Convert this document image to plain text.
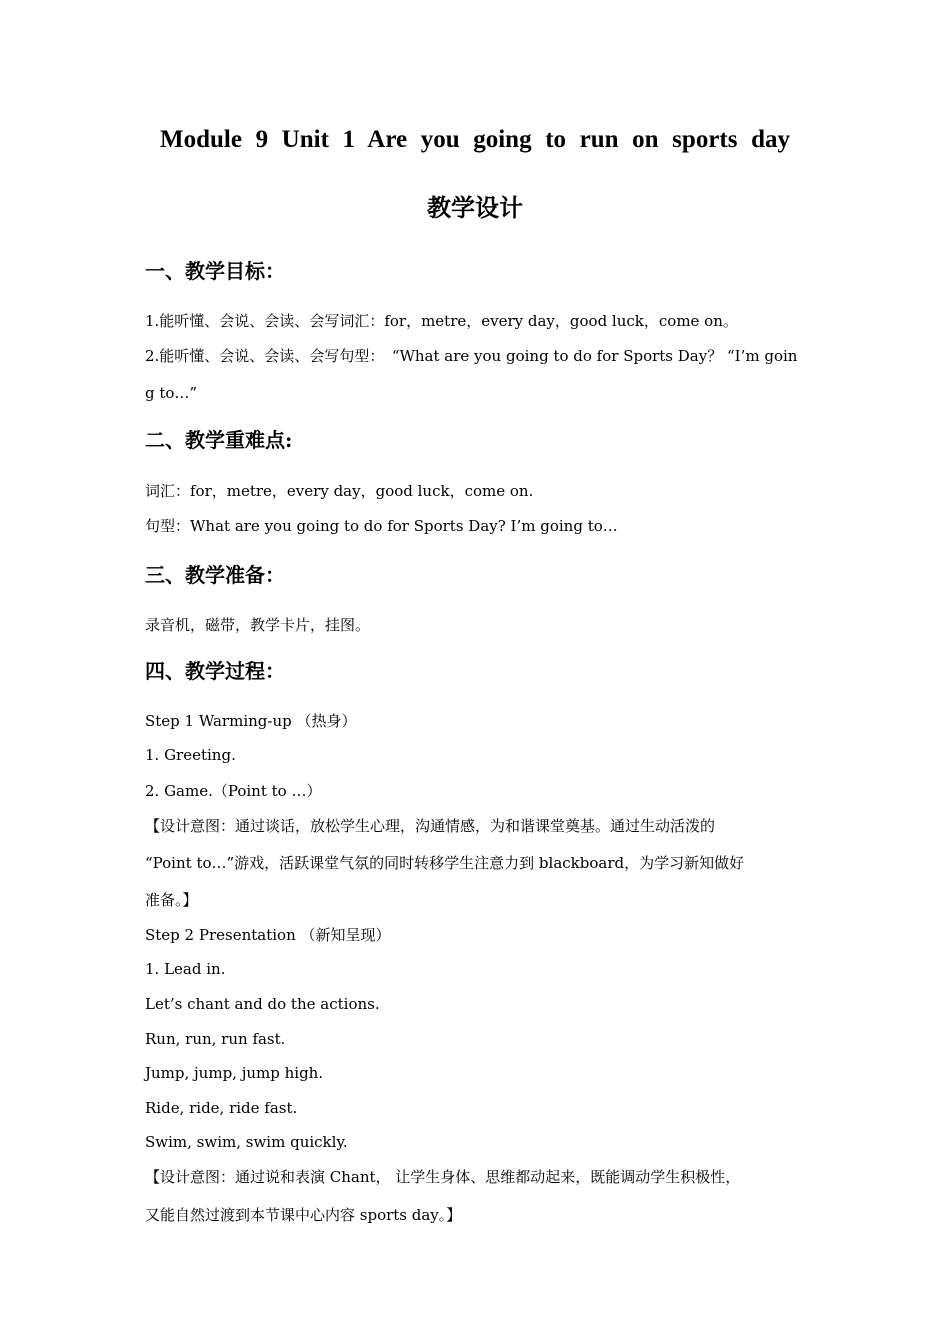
Module 9 Unit 1 Are you going to run on sports day
教学设计
一、教学目标：
1.能听懂、会说、会读、会写词汇：for，metre，every day，good luck，come on。
2.能听懂、会说、会读、会写句型：　“What are you going to do for Sports Day？ “I’m goin
g to…”
二、教学重难点:
词汇：for，metre，every day，good luck，come on.
句型：What are you going to do for Sports Day? I’m going to…
三、教学准备：
录音机，磁带，教学卡片，挂图。
四、教学过程：
Step 1 Warming-up （热身）
1. Greeting.
2. Game.（Point to …）
【设计意图：通过谈话，放松学生心理，沟通情感，为和谐课堂奠基。通过生动活泼的
“Point to…”游戏，活跃课堂气氛的同时转移学生注意力到 blackboard，为学习新知做好
准备。】
Step 2 Presentation （新知呈现）
1. Lead in.
Let’s chant and do the actions.
Run, run, run fast.
Jump, jump, jump high.
Ride, ride, ride fast.
Swim, swim, swim quickly.
【设计意图：通过说和表演 Chant， 让学生身体、思维都动起来，既能调动学生积极性，
又能自然过渡到本节课中心内容 sports day。】
